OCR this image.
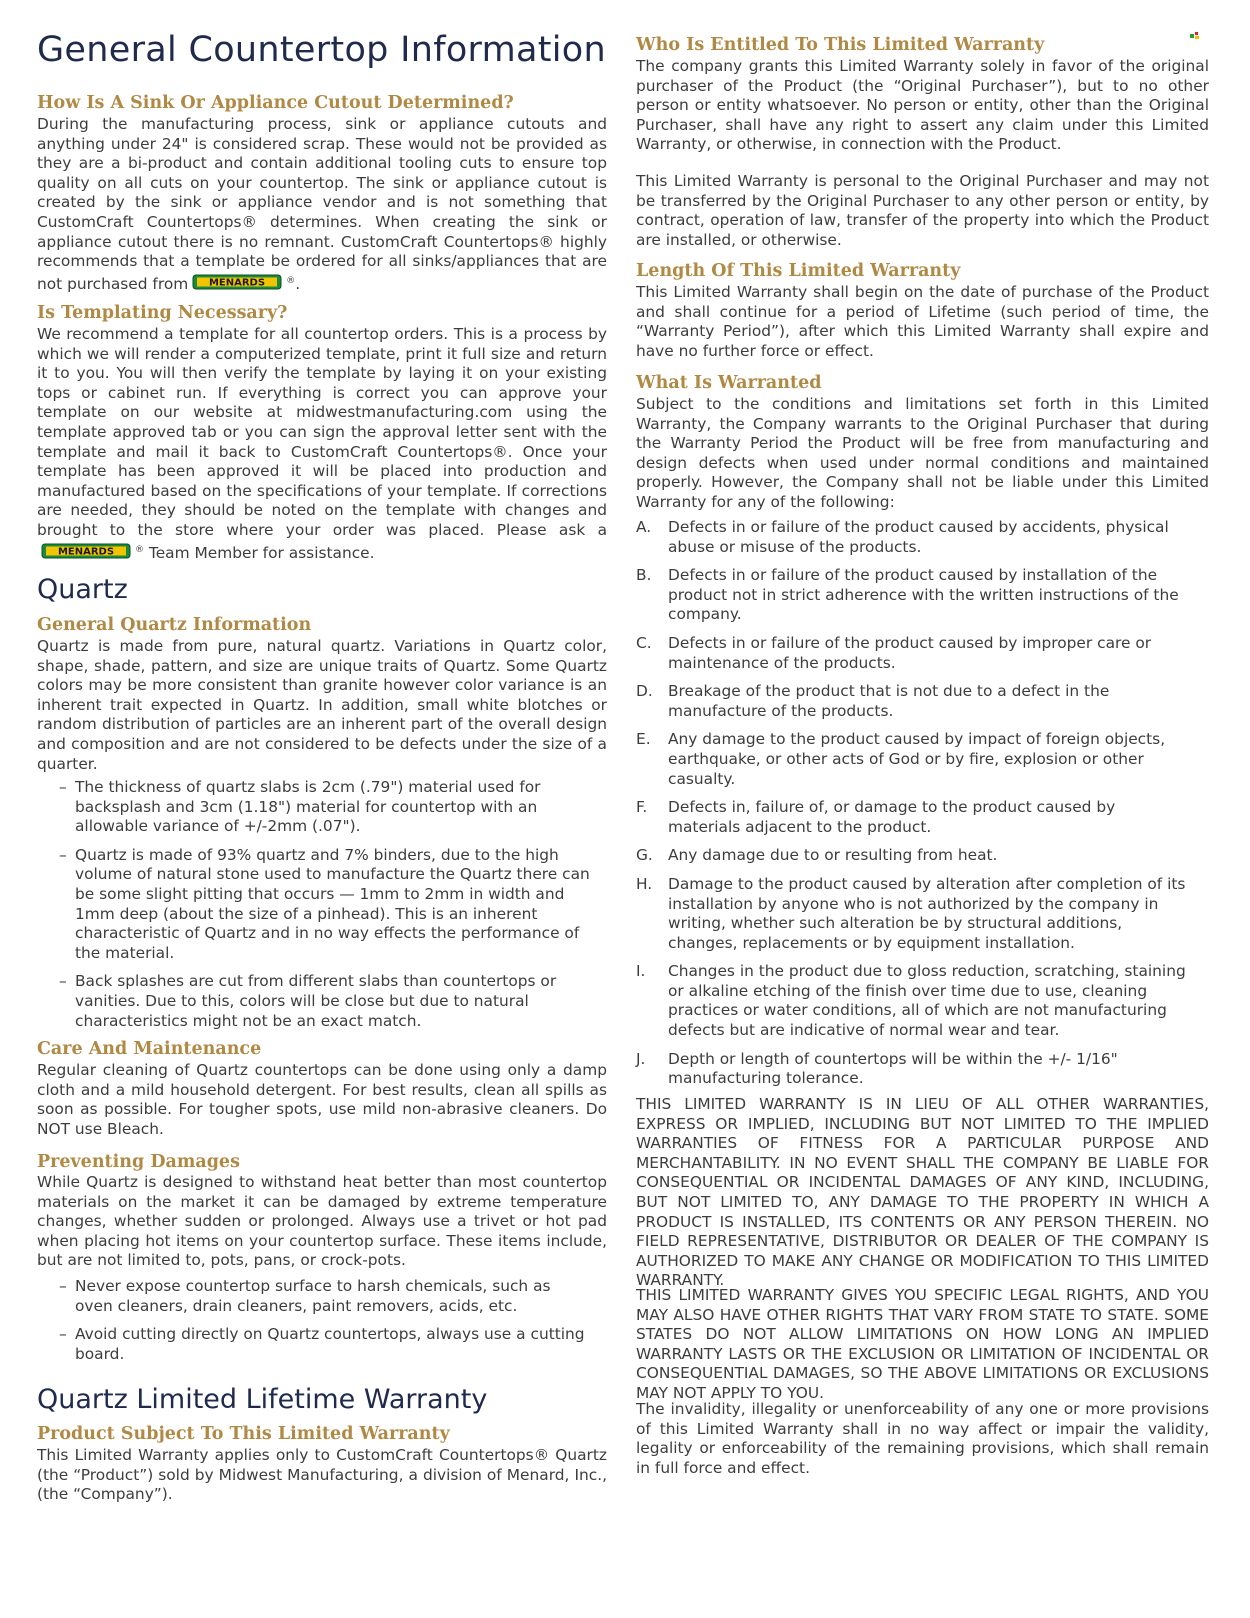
General Countertop Information
How Is A Sink Or Appliance Cutout Determined?

During the manufacturing process, sink or appliance cutouts and anything under 24" is considered scrap. These would not be provided as they are a bi-product and contain additional tooling cuts to ensure top quality on all cuts on your countertop. The sink or appliance cutout is created by the sink or appliance vendor and is not something that CustomCraft Countertops® determines. When creating the sink or appliance cutout there is no remnant. CustomCraft Countertops® highly recommends that a template be ordered for all sinks/appliances that are not purchased from MENARDS ®.

Is Templating Necessary?

We recommend a template for all countertop orders. This is a process by which we will render a computerized template, print it full size and return it to you. You will then verify the template by laying it on your existing tops or cabinet run. If everything is correct you can approve your template on our website at midwestmanufacturing.com using the template approved tab or you can sign the approval letter sent with the template and mail it back to CustomCraft Countertops®. Once your template has been approved it will be placed into production and manufactured based on the specifications of your template. If corrections are needed, they should be noted on the template with changes and brought to the store where your order was placed. Please ask a
MENARDS ® Team Member for assistance.

Quartz
General Quartz Information

Quartz is made from pure, natural quartz. Variations in Quartz color, shape, shade, pattern, and size are unique traits of Quartz. Some Quartz colors may be more consistent than granite however color variance is an inherent trait expected in Quartz. In addition, small white blotches or random distribution of particles are an inherent part of the overall design and composition and are not considered to be defects under the size of a quarter.

– The thickness of quartz slabs is 2cm (.79") material used for backsplash and 3cm (1.18") material for countertop with an allowable variance of +/-2mm (.07").
– Quartz is made of 93% quartz and 7% binders, due to the high volume of natural stone used to manufacture the Quartz there can be some slight pitting that occurs — 1mm to 2mm in width and 1mm deep (about the size of a pinhead). This is an inherent characteristic of Quartz and in no way effects the performance of the material.
– Back splashes are cut from different slabs than countertops or vanities. Due to this, colors will be close but due to natural characteristics might not be an exact match.
Care And Maintenance

Regular cleaning of Quartz countertops can be done using only a damp cloth and a mild household detergent. For best results, clean all spills as soon as possible. For tougher spots, use mild non-abrasive cleaners. Do NOT use Bleach.

Preventing Damages

While Quartz is designed to withstand heat better than most countertop materials on the market it can be damaged by extreme temperature changes, whether sudden or prolonged. Always use a trivet or hot pad when placing hot items on your countertop surface. These items include, but are not limited to, pots, pans, or crock-pots.

– Never expose countertop surface to harsh chemicals, such as oven cleaners, drain cleaners, paint removers, acids, etc.
– Avoid cutting directly on Quartz countertops, always use a cutting board.
Quartz Limited Lifetime Warranty
Product Subject To This Limited Warranty

This Limited Warranty applies only to CustomCraft Countertops® Quartz (the “Product”) sold by Midwest Manufacturing, a division of Menard, Inc., (the “Company”).

Who Is Entitled To This Limited Warranty

The company grants this Limited Warranty solely in favor of the original purchaser of the Product (the “Original Purchaser”), but to no other person or entity whatsoever. No person or entity, other than the Original Purchaser, shall have any right to assert any claim under this Limited Warranty, or otherwise, in connection with the Product.

This Limited Warranty is personal to the Original Purchaser and may not be transferred by the Original Purchaser to any other person or entity, by contract, operation of law, transfer of the property into which the Product are installed, or otherwise.

Length Of This Limited Warranty

This Limited Warranty shall begin on the date of purchase of the Product and shall continue for a period of Lifetime (such period of time, the “Warranty Period”), after which this Limited Warranty shall expire and have no further force or effect.

What Is Warranted

Subject to the conditions and limitations set forth in this Limited Warranty, the Company warrants to the Original Purchaser that during the Warranty Period the Product will be free from manufacturing and design defects when used under normal conditions and maintained properly. However, the Company shall not be liable under this Limited Warranty for any of the following:

A. Defects in or failure of the product caused by accidents, physical abuse or misuse of the products.
B. Defects in or failure of the product caused by installation of the product not in strict adherence with the written instructions of the company.
C. Defects in or failure of the product caused by improper care or maintenance of the products.
D. Breakage of the product that is not due to a defect in the manufacture of the products.
E. Any damage to the product caused by impact of foreign objects, earthquake, or other acts of God or by fire, explosion or other casualty.
F. Defects in, failure of, or damage to the product caused by materials adjacent to the product.
G. Any damage due to or resulting from heat.
H. Damage to the product caused by alteration after completion of its installation by anyone who is not authorized by the company in writing, whether such alteration be by structural additions, changes, replacements or by equipment installation.
I. Changes in the product due to gloss reduction, scratching, staining or alkaline etching of the finish over time due to use, cleaning practices or water conditions, all of which are not manufacturing defects but are indicative of normal wear and tear.
J. Depth or length of countertops will be within the +/- 1/16" manufacturing tolerance.

THIS LIMITED WARRANTY IS IN LIEU OF ALL OTHER WARRANTIES, EXPRESS OR IMPLIED, INCLUDING BUT NOT LIMITED TO THE IMPLIED WARRANTIES OF FITNESS FOR A PARTICULAR PURPOSE AND MERCHANTABILITY. IN NO EVENT SHALL THE COMPANY BE LIABLE FOR CONSEQUENTIAL OR INCIDENTAL DAMAGES OF ANY KIND, INCLUDING, BUT NOT LIMITED TO, ANY DAMAGE TO THE PROPERTY IN WHICH A PRODUCT IS INSTALLED, ITS CONTENTS OR ANY PERSON THEREIN. NO FIELD REPRESENTATIVE, DISTRIBUTOR OR DEALER OF THE COMPANY IS AUTHORIZED TO MAKE ANY CHANGE OR MODIFICATION TO THIS LIMITED WARRANTY.

THIS LIMITED WARRANTY GIVES YOU SPECIFIC LEGAL RIGHTS, AND YOU MAY ALSO HAVE OTHER RIGHTS THAT VARY FROM STATE TO STATE. SOME STATES DO NOT ALLOW LIMITATIONS ON HOW LONG AN IMPLIED WARRANTY LASTS OR THE EXCLUSION OR LIMITATION OF INCIDENTAL OR CONSEQUENTIAL DAMAGES, SO THE ABOVE LIMITATIONS OR EXCLUSIONS MAY NOT APPLY TO YOU.

The invalidity, illegality or unenforceability of any one or more provisions of this Limited Warranty shall in no way affect or impair the validity, legality or enforceability of the remaining provisions, which shall remain in full force and effect.
